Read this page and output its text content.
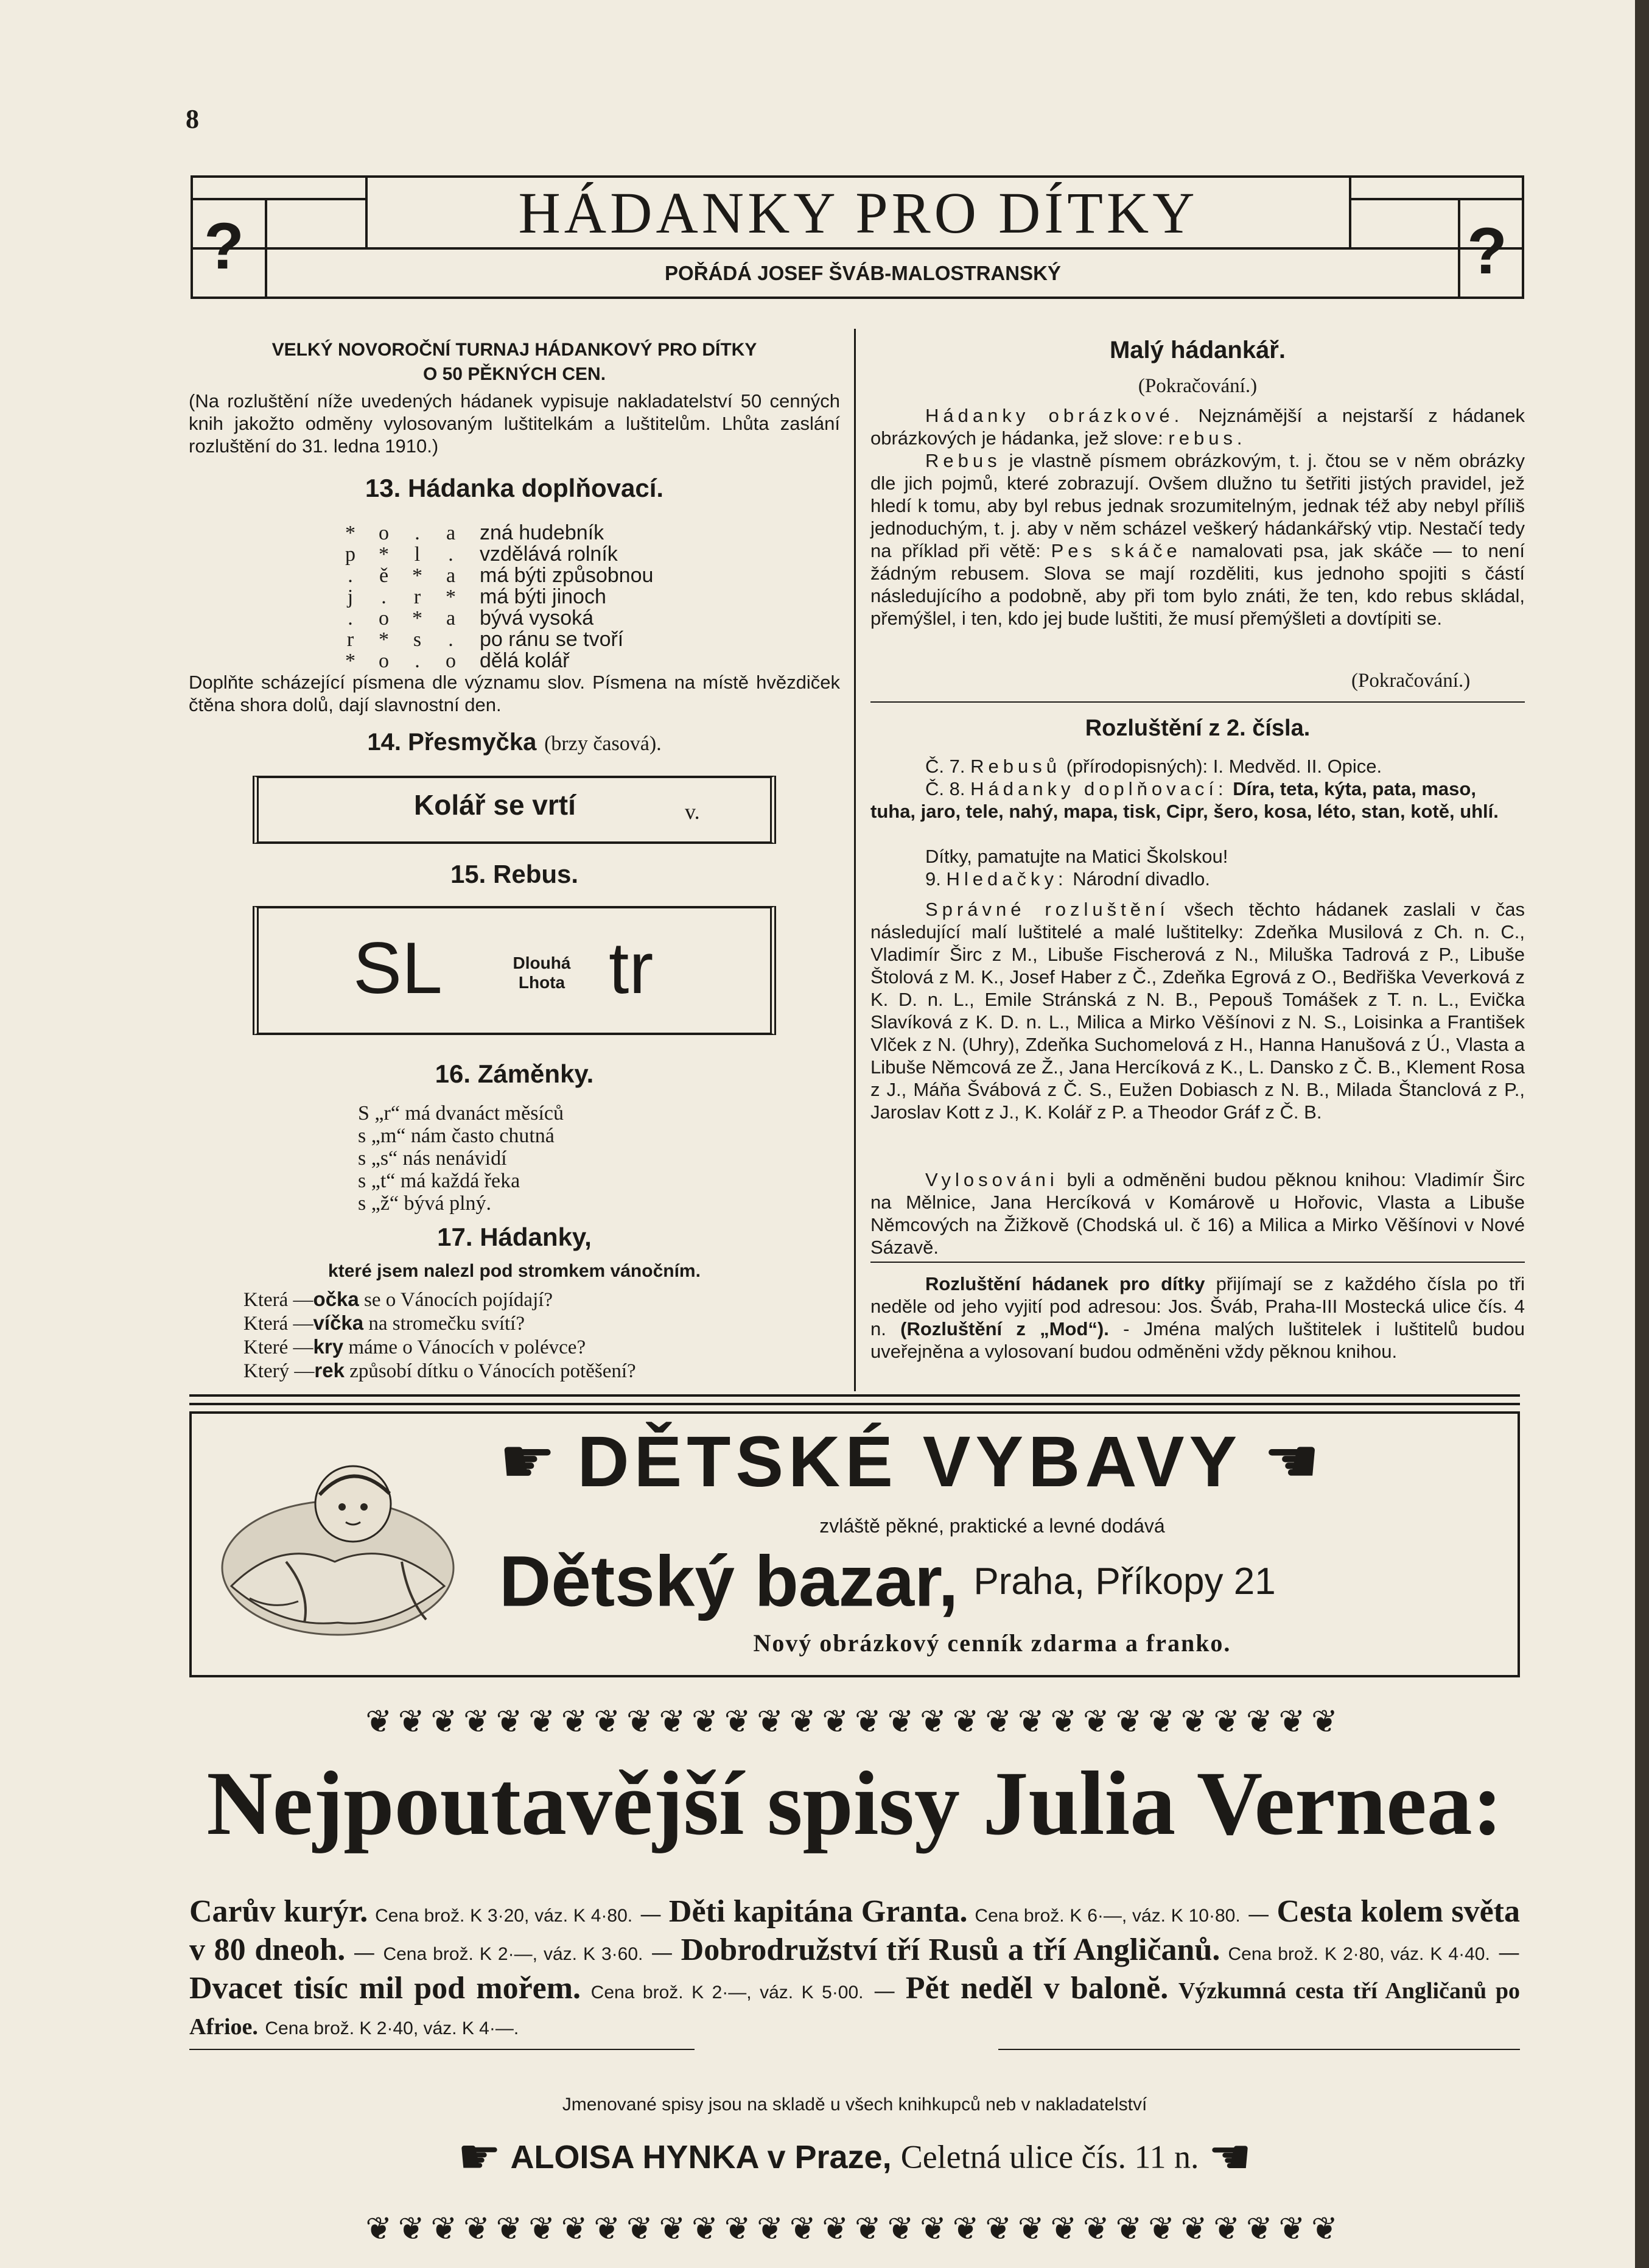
8
?	?
HÁDANKY PRO DÍTKY
POŘÁDÁ JOSEF ŠVÁB-MALOSTRANSKÝ
VELKÝ NOVOROČNÍ TURNAJ HÁDANKOVÝ PRO DÍTKY
O 50 PĚKNÝCH CEN.
(Na rozluštění níže uvedených hádanek vypisuje nakladatelství 50 cenných knih jakožto odměny vylosovaným luštitelkám a luštitelům. Lhůta zaslání rozluštění do 31. ledna 1910.)
13. Hádanka doplňovací.
* o . a zná hudebník
p * l . vzdělává rolník
. ě * a má býti způsobnou
j . r * má býti jinoch
. o * a bývá vysoká
r * s . po ránu se tvoří
* o . o dělá kolář
Doplňte scházející písmena dle významu slov. Písmena na místě hvězdiček čtěna shora dolů, dají slavnostní den.
14. Přesmyčka (brzy časová).
Kolář se vrtí	v.
15. Rebus.
SL	Dlouhá
Lhota tr
16. Záměnky.
S „r“ má dvanáct měsíců
s „m“ nám často chutná
s „s“ nás nenávidí
s „t“ má každá řeka
s „ž“ bývá plný.
17. Hádanky,
které jsem nalezl pod stromkem vánočním.
Která —očka se o Vánocích pojídají?
Která —víčka na stromečku svítí?
Které —kry máme o Vánocích v polévce?
Který —rek způsobí dítku o Vánocích potěšení?
Malý hádankář.
(Pokračování.)
Hádanky obrázkové. Nejznámější a nejstarší z hádanek obrázkových je hádanka, jež slove: rebus.
Rebus je vlastně písmem obrázkovým, t. j. čtou se v něm obrázky dle jich pojmů, které zobrazují. Ovšem dlužno tu šetřiti jistých pravidel, jež hledí k tomu, aby byl rebus jednak srozumitelným, jednak též aby nebyl příliš jednoduchým, t. j. aby v něm scházel veškerý hádankářský vtip. Nestačí tedy na příklad při větě: Pes skáče namalovati psa, jak skáče — to není žádným rebusem. Slova se mají rozděliti, kus jednoho spojiti s částí následujícího a podobně, aby při tom bylo znáti, že ten, kdo rebus skládal, přemýšlel, i ten, kdo jej bude luštiti, že musí přemýšleti a dovtípiti se.
(Pokračování.)
Rozluštění z 2. čísla.
Č. 7. Rebusů (přírodopisných): I. Medvěd. II. Opice.
Č. 8. Hádanky doplňovací: Díra, teta, kýta, pata, maso, tuha, jaro, tele, nahý, mapa, tisk, Cipr, šero, kosa, léto, stan, kotě, uhlí.
Dítky, pamatujte na Matici Školskou!
9. Hledačky: Národní divadlo.
Správné rozluštění všech těchto hádanek zaslali v čas následující malí luštitelé a malé luštitelky: Zdeňka Musilová z Ch. n. C., Vladimír Širc z M., Libuše Fischerová z N., Miluška Tadrová z P., Libuše Štolová z M. K., Josef Haber z Č., Zdeňka Egrová z O., Bedřiška Veverková z K. D. n. L., Emile Stránská z N. B., Pepouš Tomášek z T. n. L., Evička Slavíková z K. D. n. L., Milica a Mirko Věšínovi z N. S., Loisinka a František Vlček z N. (Uhry), Zdeňka Suchomelová z H., Hanna Hanušová z Ú., Vlasta a Libuše Němcová ze Ž., Jana Hercíková z K., L. Dansko z Č. B., Klement Rosa z J., Máňa Švábová z Č. S., Eužen Dobiasch z N. B., Milada Štanclová z P., Jaroslav Kott z J., K. Kolář z P. a Theodor Gráf z Č. B.
Vylosováni byli a odměněni budou pěknou knihou: Vladimír Širc na Mělnice, Jana Hercíková v Komárově u Hořovic, Vlasta a Libuše Němcových na Žižkově (Chodská ul. č 16) a Milica a Mirko Věšínovi v Nové Sázavě.
Rozluštění hádanek pro dítky přijímají se z každého čísla po tři neděle od jeho vyjití pod adresou: Jos. Šváb, Praha-III Mostecká ulice čís. 4 n. (Rozluštění z „Mod“). - Jména malých luštitelek i luštitelů budou uveřejněna a vylosovaní budou odměněni vždy pěknou knihou.
☛ DĚTSKÉ VYBAVY ☚
zvláště pěkné, praktické a levné dodává
Dětský bazar, Praha, Příkopy 21
Nový obrázkový cenník zdarma a franko.
❦❦❦❦❦❦❦❦❦❦❦❦❦❦❦❦❦❦❦❦❦❦❦❦❦❦❦❦❦❦
Nejpoutavější spisy Julia Vernea:
Carův kurýr. Cena brož. K 3·20, váz. K 4·80. — Děti kapitána Granta. Cena brož. K 6·—, váz. K 10·80. — Cesta kolem světa v 80 dneoh. — Cena brož. K 2·—, váz. K 3·60. — Dobrodružství tří Rusů a tří Angličanů. Cena brož. K 2·80, váz. K 4·40. — Dvacet tisíc mil pod mořem. Cena brož. K 2·—, váz. K 5·00. — Pět neděl v balonĕ. Výzkumná cesta tří Angličanů po Afrioe. Cena brož. K 2·40, váz. K 4·—.
Jmenované spisy jsou na skladě u všech knihkupců neb v nakladatelství
☛ ALOISA HYNKA v Praze, Celetná ulice čís. 11 n. ☚
❦❦❦❦❦❦❦❦❦❦❦❦❦❦❦❦❦❦❦❦❦❦❦❦❦❦❦❦❦❦
